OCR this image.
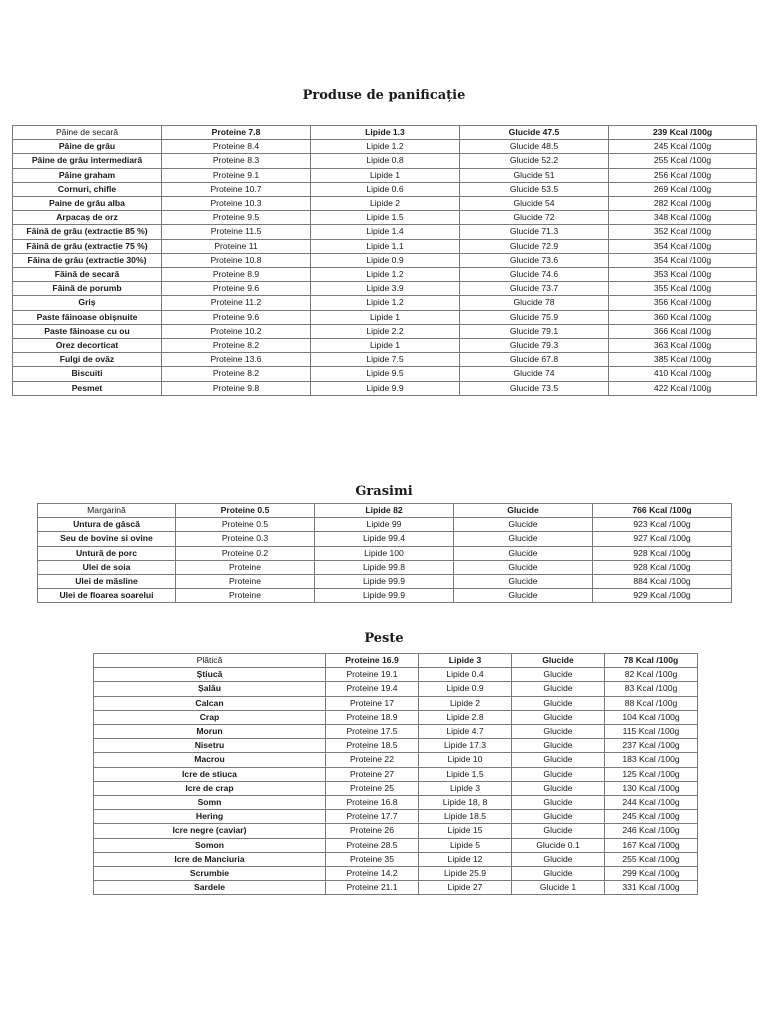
Produse de panificație
Pâine de secară	Proteine 7.8	Lipide 1.3	Glucide 47.5	239 Kcal /100g
Pâine de grâu	Proteine 8.4	Lipide 1.2	Glucide 48.5	245 Kcal /100g
Pâine de grâu intermediară	Proteine 8.3	Lipide 0.8	Glucide 52.2	255 Kcal /100g
Pâine graham	Proteine 9.1	Lipide 1	Glucide 51	256 Kcal /100g
Cornuri, chifle	Proteine 10.7	Lipide 0.6	Glucide 53.5	269 Kcal /100g
Paine de grâu alba	Proteine 10.3	Lipide 2	Glucide 54	282 Kcal /100g
Arpacaș de orz	Proteine 9.5	Lipide 1.5	Glucide 72	348 Kcal /100g
Făină de grâu (extractie 85 %)	Proteine 11.5	Lipide 1.4	Glucide 71.3	352 Kcal /100g
Făină de grâu (extractie 75 %)	Proteine 11	Lipide 1.1	Glucide 72.9	354 Kcal /100g
Făina de grâu (extractie 30%)	Proteine 10.8	Lipide 0.9	Glucide 73.6	354 Kcal /100g
Făină de secară	Proteine 8.9	Lipide 1.2	Glucide 74.6	353 Kcal /100g
Făină de porumb	Proteine 9.6	Lipide 3.9	Glucide 73.7	355 Kcal /100g
Griș	Proteine 11.2	Lipide 1.2	Glucide 78	356 Kcal /100g
Paste făinoase obișnuite	Proteine 9.6	Lipide 1	Glucide 75.9	360 Kcal /100g
Paste făinoase cu ou	Proteine 10.2	Lipide 2.2	Glucide 79.1	366 Kcal /100g
Orez decorticat	Proteine 8.2	Lipide 1	Glucide 79.3	363 Kcal /100g
Fulgi de ovăz	Proteine 13.6	Lipide 7.5	Glucide 67.8	385 Kcal /100g
Biscuiti	Proteine 8.2	Lipide 9.5	Glucide 74	410 Kcal /100g
Pesmet	Proteine 9.8	Lipide 9.9	Glucide 73.5	422 Kcal /100g
Grasimi
Margarină	Proteine 0.5	Lipide 82	Glucide	766 Kcal /100g
Untura de gâscă	Proteine 0.5	Lipide 99	Glucide	923 Kcal /100g
Seu de bovine si ovine	Proteine 0.3	Lipide 99.4	Glucide	927 Kcal /100g
Untură de porc	Proteine 0.2	Lipide 100	Glucide	928 Kcal /100g
Ulei de soia	Proteine	Lipide 99.8	Glucide	928 Kcal /100g
Ulei de măsline	Proteine	Lipide 99.9	Glucide	884 Kcal /100g
Ulei de floarea soarelui	Proteine	Lipide 99.9	Glucide	929 Kcal /100g
Peste
Plătică	Proteine 16.9	Lipide 3	Glucide	78 Kcal /100g
Știucă	Proteine 19.1	Lipide 0.4	Glucide	82 Kcal /100g
Șalău	Proteine 19.4	Lipide 0.9	Glucide	83 Kcal /100g
Calcan	Proteine 17	Lipide 2	Glucide	88 Kcal /100g
Crap	Proteine 18.9	Lipide 2.8	Glucide	104 Kcal /100g
Morun	Proteine 17.5	Lipide 4.7	Glucide	115 Kcal /100g
Nisetru	Proteine 18.5	Lipide 17.3	Glucide	237 Kcal /100g
Macrou	Proteine 22	Lipide 10	Glucide	183 Kcal /100g
Icre de stiuca	Proteine 27	Lipide 1.5	Glucide	125 Kcal /100g
Icre de crap	Proteine 25	Lipide 3	Glucide	130 Kcal /100g
Somn	Proteine 16.8	Lipide 18, 8	Glucide	244 Kcal /100g
Hering	Proteine 17.7	Lipide 18.5	Glucide	245 Kcal /100g
Icre negre (caviar)	Proteine 26	Lipide 15	Glucide	246 Kcal /100g
Somon	Proteine 28.5	Lipide 5	Glucide 0.1	167 Kcal /100g
Icre de Manciuria	Proteine 35	Lipide 12	Glucide	255 Kcal /100g
Scrumbie	Proteine 14.2	Lipide 25.9	Glucide	299 Kcal /100g
Sardele	Proteine 21.1	Lipide 27	Glucide 1	331 Kcal /100g
